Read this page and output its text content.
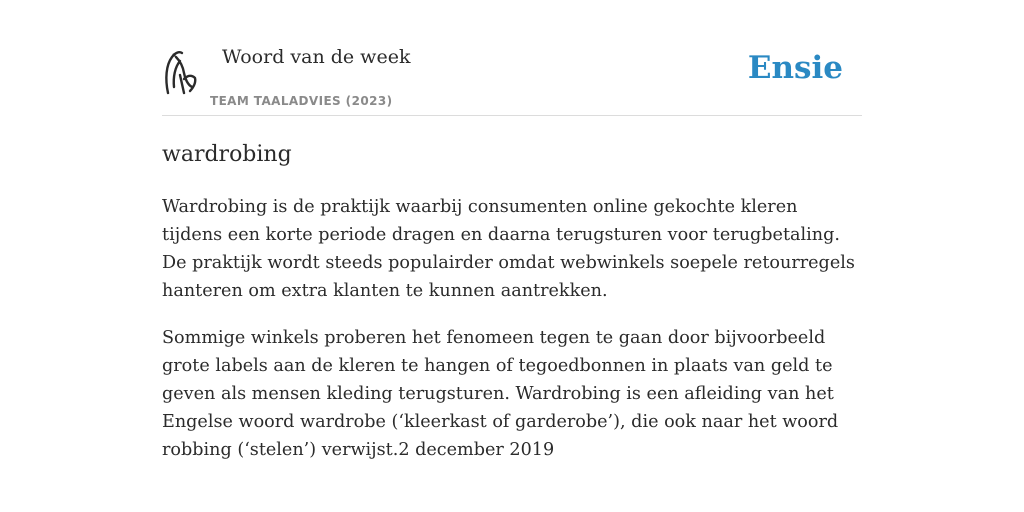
Woord van de week
TEAM TAALADVIES (2023)
Ensie
wardrobing

Wardrobing is de praktijk waarbij consumenten online gekochte kleren tijdens een korte periode dragen en daarna terugsturen voor terugbetaling. De praktijk wordt steeds populairder omdat webwinkels soepele retourregels hanteren om extra klanten te kunnen aantrekken.

Sommige winkels proberen het fenomeen tegen te gaan door bijvoorbeeld grote labels aan de kleren te hangen of tegoedbonnen in plaats van geld te geven als mensen kleding terugsturen. Wardrobing is een afleiding van het Engelse woord wardrobe (‘kleerkast of garderobe’), die ook naar het woord robbing (‘stelen’) verwijst.2 december 2019
